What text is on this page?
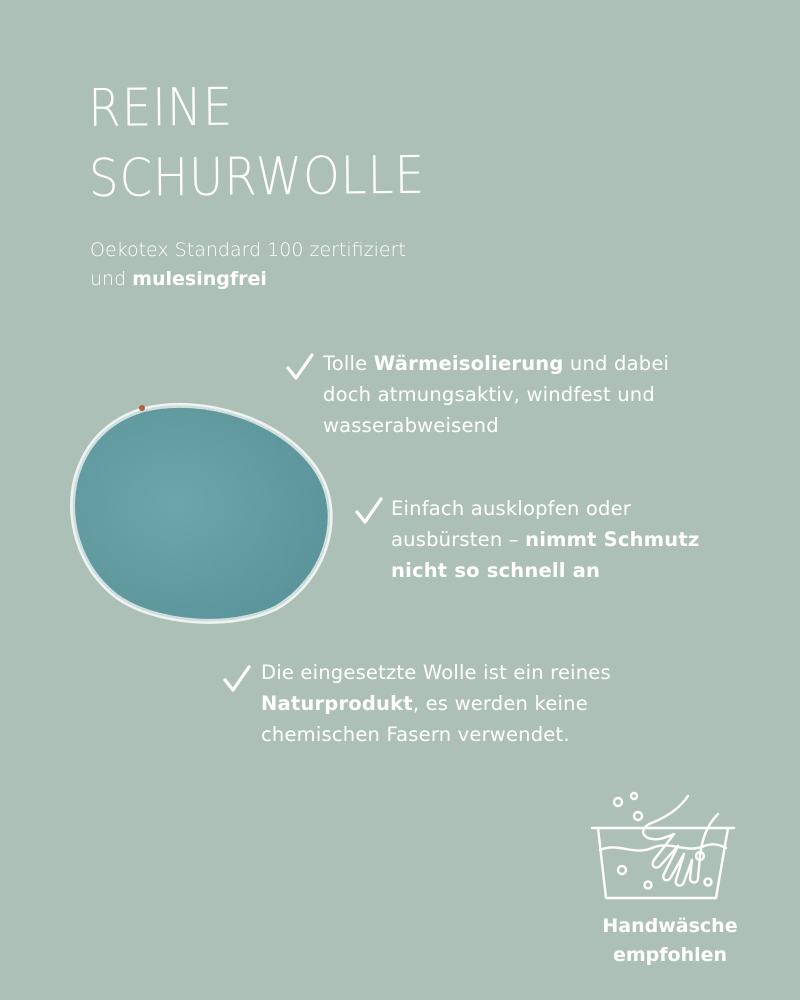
REINE
SCHURWOLLE
Oekotex Standard 100 zertifiziert
und mulesingfrei
Tolle Wärmeisolierung und dabei
doch atmungsaktiv, windfest und
wasserabweisend
Einfach ausklopfen oder
ausbürsten – nimmt Schmutz
nicht so schnell an
Die eingesetzte Wolle ist ein reines
Naturprodukt, es werden keine
chemischen Fasern verwendet.
Handwäsche
empfohlen
